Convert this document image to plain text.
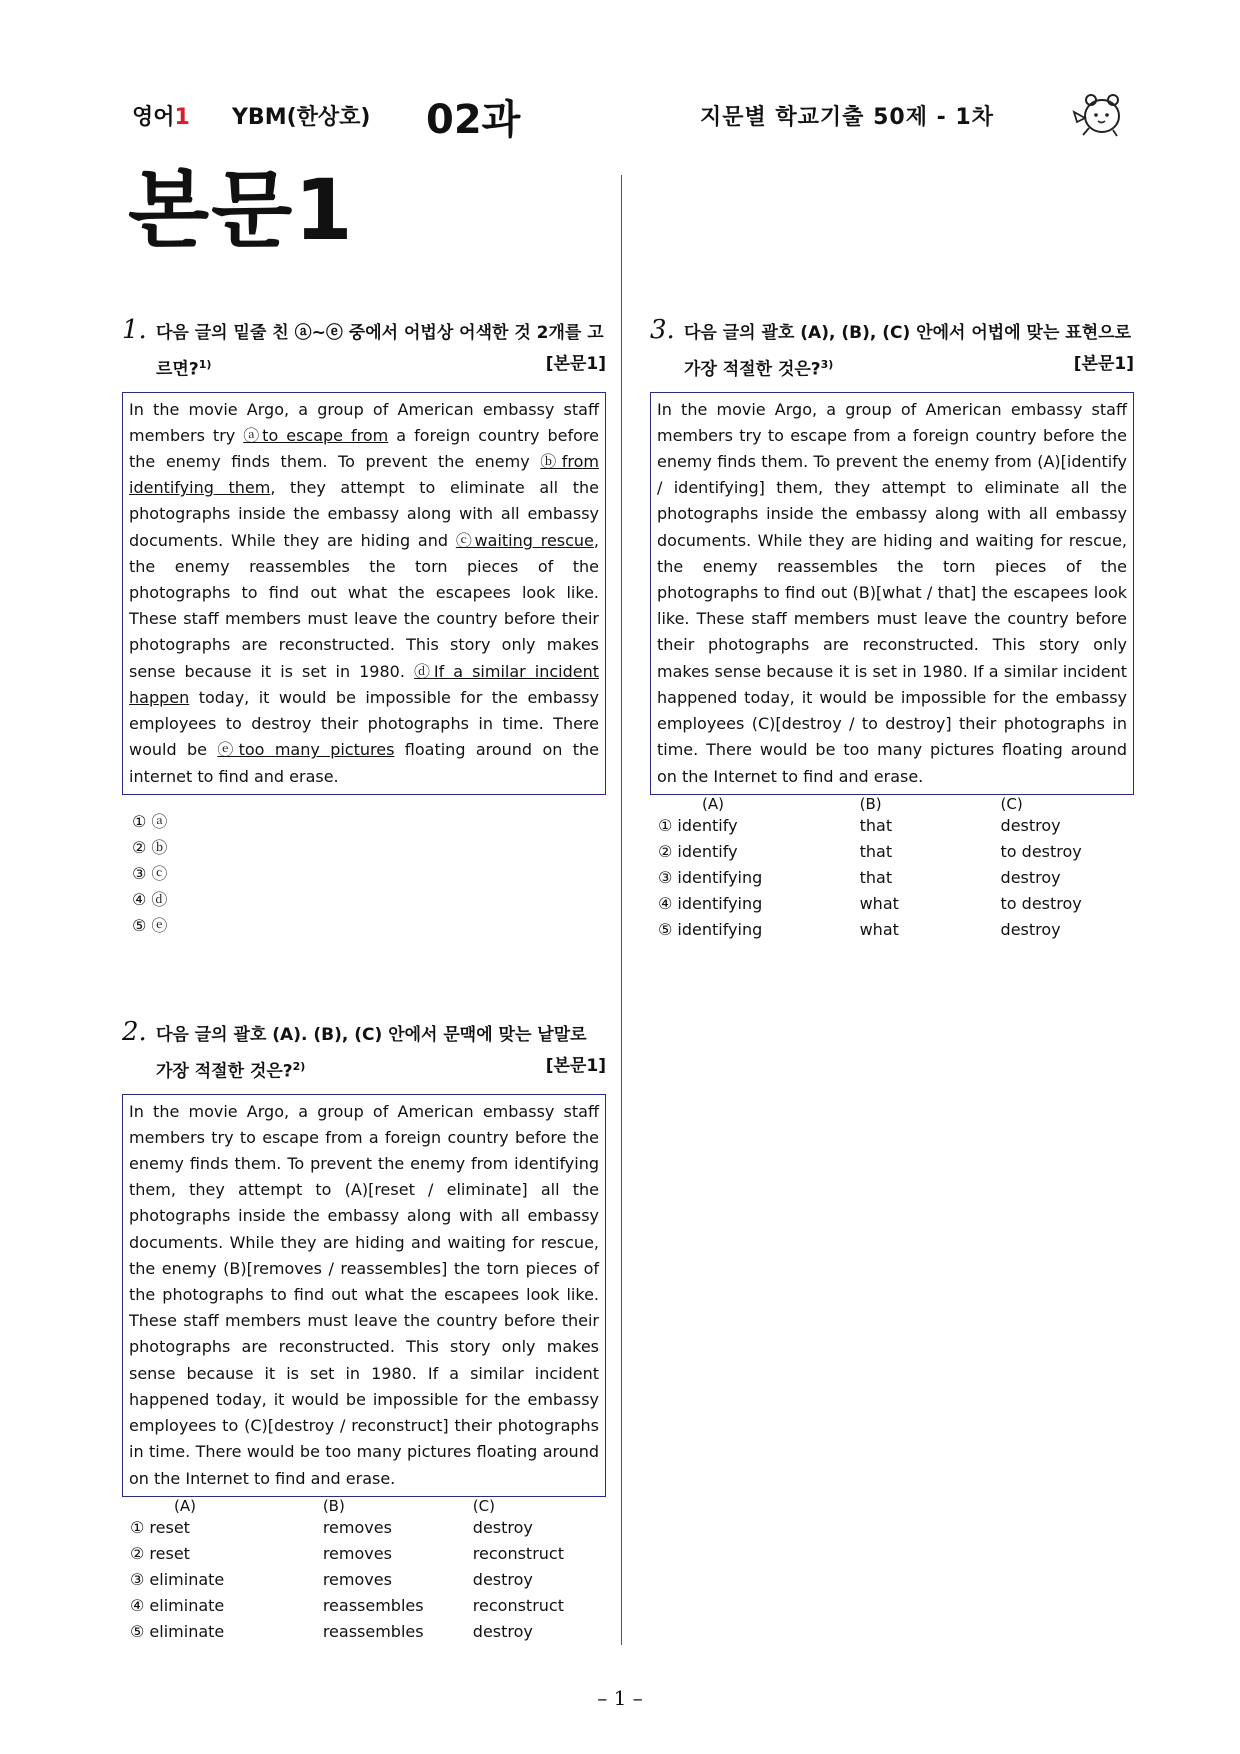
영어1 YBM(한상호) 02과	지문별 학교기출 50제 - 1차
본문1
1. 다음 글의 밑줄 친 ⓐ~ⓔ 중에서 어법상 어색한 것 2개를 고르면?$^{1)}$	[본문1]
In the movie Argo, a group of American embassy staff members try ⓐto escape from a foreign country before the enemy finds them. To prevent the enemy ⓑfrom identifying them, they attempt to eliminate all the photographs inside the embassy along with all embassy documents. While they are hiding and ⓒwaiting rescue, the enemy reassembles the torn pieces of the photographs to find out what the escapees look like. These staff members must leave the country before their photographs are reconstructed. This story only makes sense because it is set in 1980. ⓓIf a similar incident happen today, it would be impossible for the embassy employees to destroy their photographs in time. There would be ⓔtoo many pictures floating around on the internet to find and erase.
① ⓐ
② ⓑ
③ ⓒ
④ ⓓ
⑤ ⓔ
2. 다음 글의 괄호 (A). (B), (C) 안에서 문맥에 맞는 낱말로 가장 적절한 것은?$^{2)}$	[본문1]
In the movie Argo, a group of American embassy staff members try to escape from a foreign country before the enemy finds them. To prevent the enemy from identifying them, they attempt to (A)[reset / eliminate] all the photographs inside the embassy along with all embassy documents. While they are hiding and waiting for rescue, the enemy (B)[removes / reassembles] the torn pieces of the photographs to find out what the escapees look like. These staff members must leave the country before their photographs are reconstructed. This story only makes sense because it is set in 1980. If a similar incident happened today, it would be impossible for the embassy employees to (C)[destroy / reconstruct] their photographs in time. There would be too many pictures floating around on the Internet to find and erase.
(A)	(B)	(C)
① reset	removes	destroy
② reset	removes	reconstruct
③ eliminate	removes	destroy
④ eliminate	reassembles	reconstruct
⑤ eliminate	reassembles	destroy
3. 다음 글의 괄호 (A), (B), (C) 안에서 어법에 맞는 표현으로 가장 적절한 것은?$^{3)}$	[본문1]
In the movie Argo, a group of American embassy staff members try to escape from a foreign country before the enemy finds them. To prevent the enemy from (A)[identify / identifying] them, they attempt to eliminate all the photographs inside the embassy along with all embassy documents. While they are hiding and waiting for rescue, the enemy reassembles the torn pieces of the photographs to find out (B)[what / that] the escapees look like. These staff members must leave the country before their photographs are reconstructed. This story only makes sense because it is set in 1980. If a similar incident happened today, it would be impossible for the embassy employees (C)[destroy / to destroy] their photographs in time. There would be too many pictures floating around on the Internet to find and erase.
(A)	(B)	(C)
① identify	that	destroy
② identify	that	to destroy
③ identifying	that	destroy
④ identifying	what	to destroy
⑤ identifying	what	destroy
– 1 –
